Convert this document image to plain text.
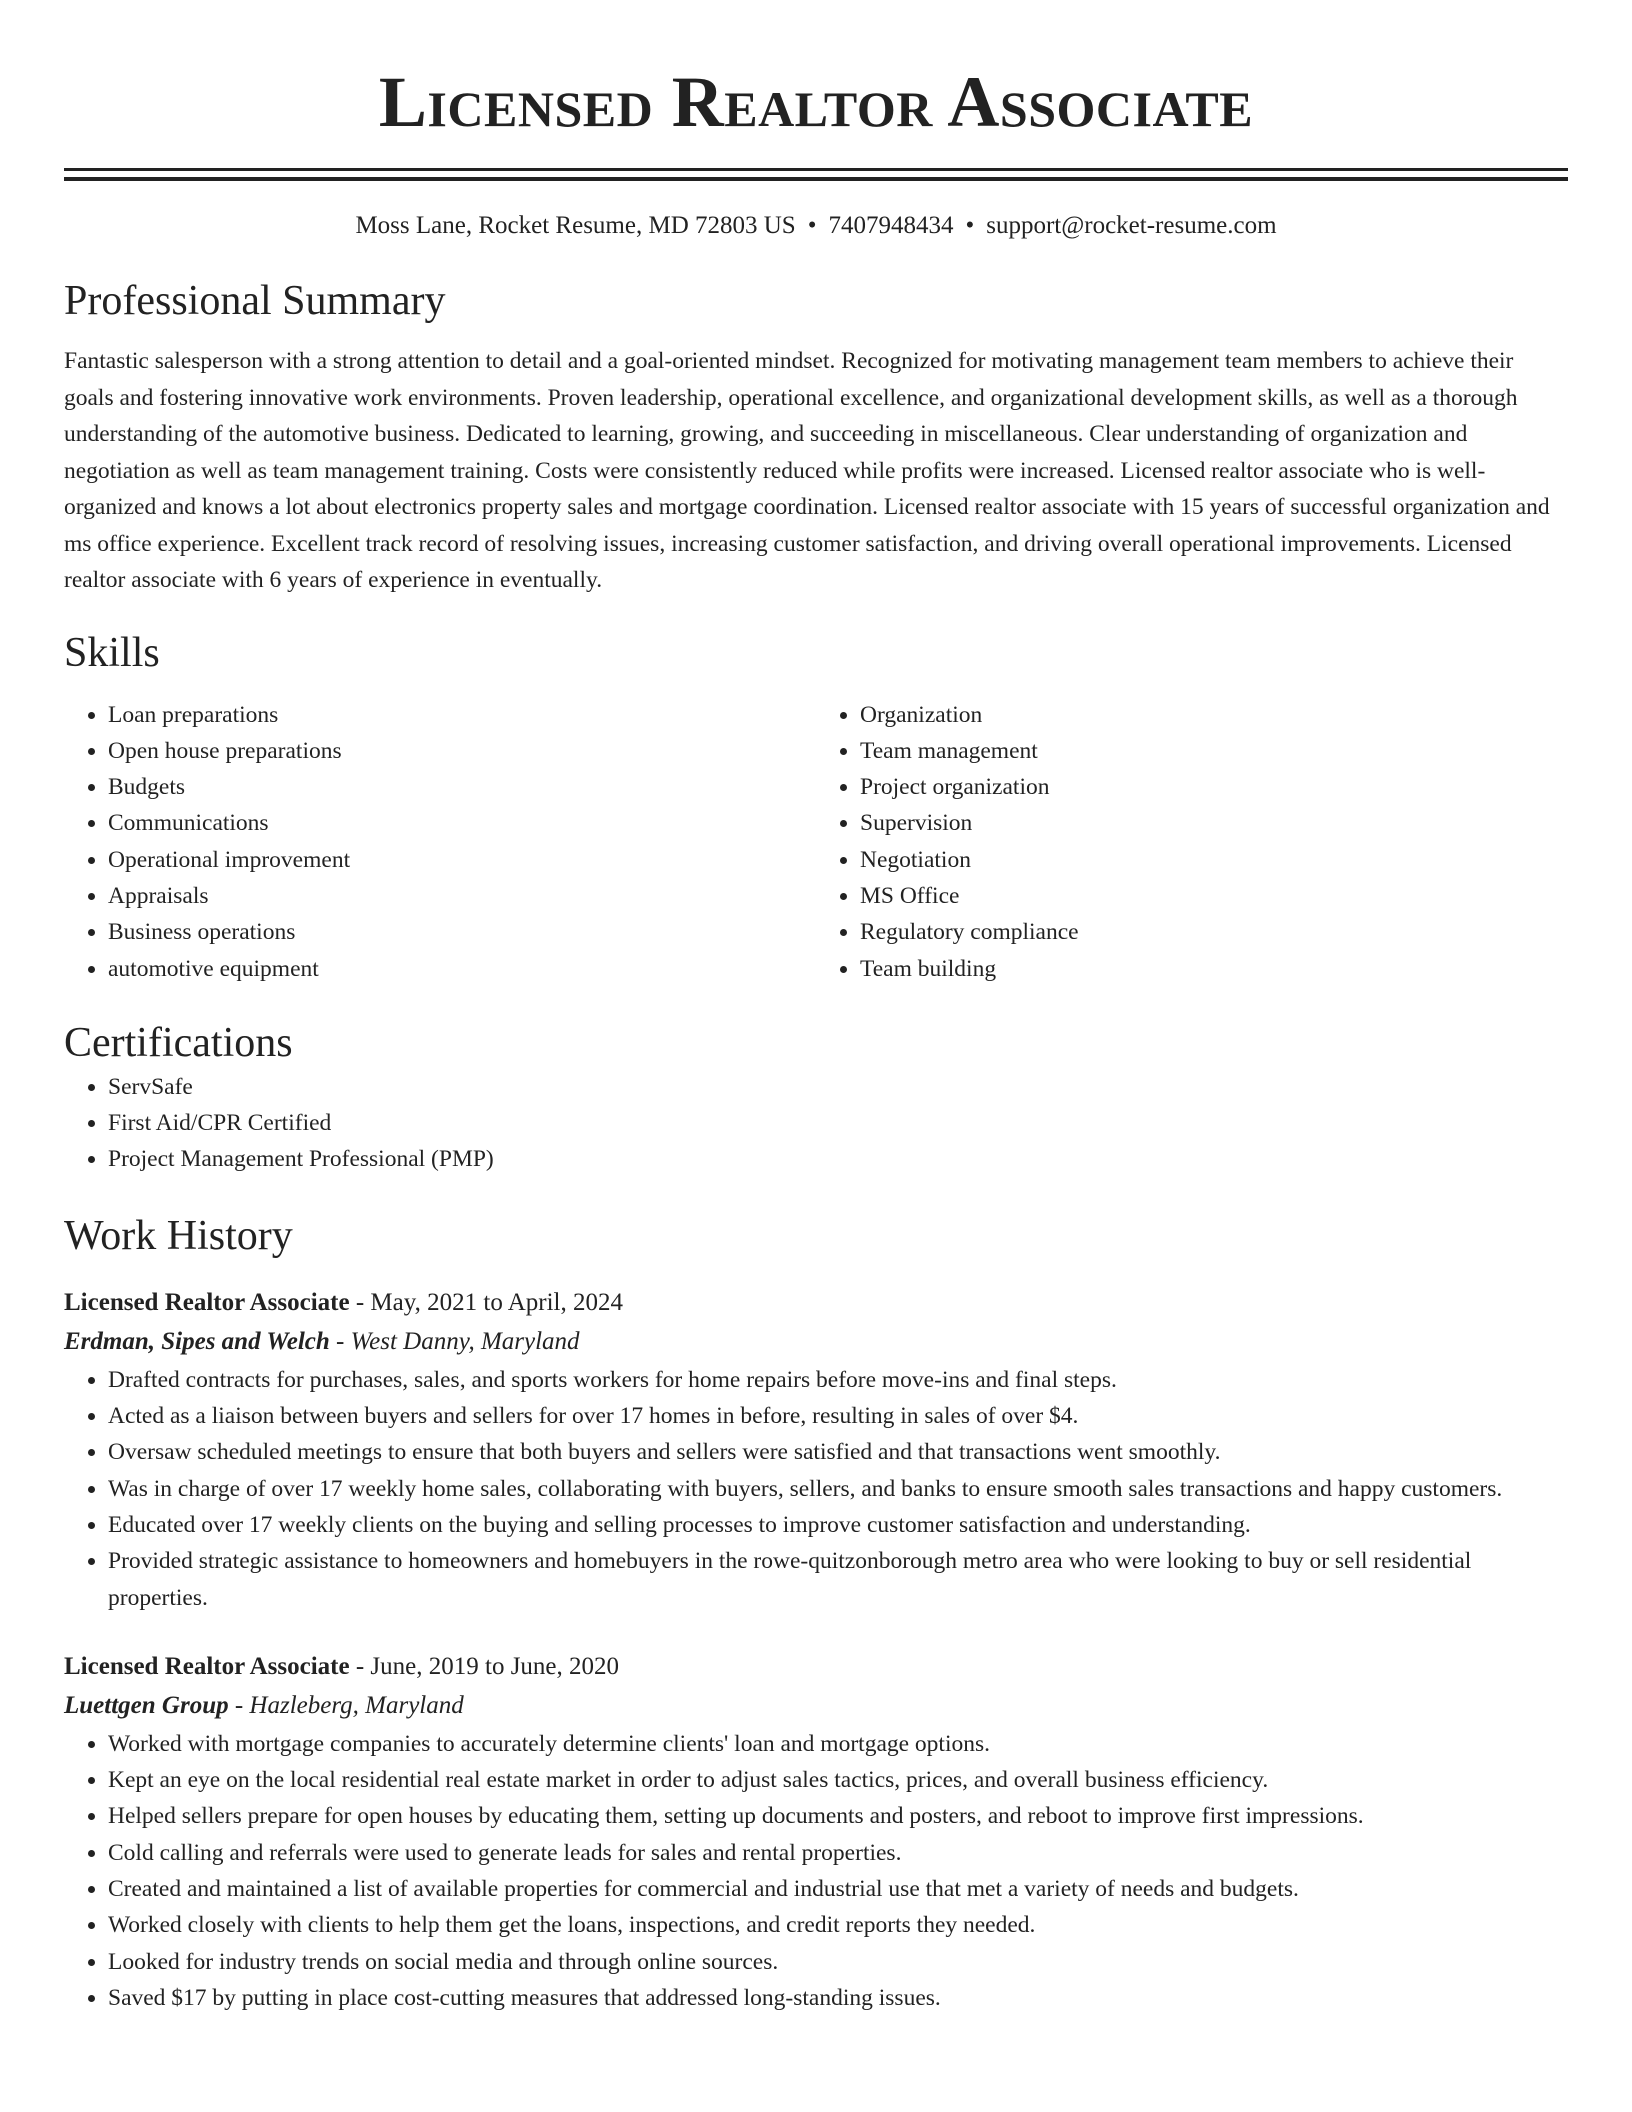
Licensed Realtor Associate
Moss Lane, Rocket Resume, MD 72803 US • 7407948434 • support@rocket-resume.com
Professional Summary

Fantastic salesperson with a strong attention to detail and a goal-oriented mindset. Recognized for motivating management team members to achieve their goals and fostering innovative work environments. Proven leadership, operational excellence, and organizational development skills, as well as a thorough understanding of the automotive business. Dedicated to learning, growing, and succeeding in miscellaneous. Clear understanding of organization and negotiation as well as team management training. Costs were consistently reduced while profits were increased. Licensed realtor associate who is well-organized and knows a lot about electronics property sales and mortgage coordination. Licensed realtor associate with 15 years of successful organization and ms office experience. Excellent track record of resolving issues, increasing customer satisfaction, and driving overall operational improvements. Licensed realtor associate with 6 years of experience in eventually.

Skills
• Loan preparations
• Open house preparations
• Budgets
• Communications
• Operational improvement
• Appraisals
• Business operations
• automotive equipment
• Organization
• Team management
• Project organization
• Supervision
• Negotiation
• MS Office
• Regulatory compliance
• Team building
Certifications
• ServSafe
• First Aid/CPR Certified
• Project Management Professional (PMP)
Work History
Licensed Realtor Associate - May, 2021 to April, 2024
Erdman, Sipes and Welch - West Danny, Maryland
• Drafted contracts for purchases, sales, and sports workers for home repairs before move-ins and final steps.
• Acted as a liaison between buyers and sellers for over 17 homes in before, resulting in sales of over $4.
• Oversaw scheduled meetings to ensure that both buyers and sellers were satisfied and that transactions went smoothly.
• Was in charge of over 17 weekly home sales, collaborating with buyers, sellers, and banks to ensure smooth sales transactions and happy customers.
• Educated over 17 weekly clients on the buying and selling processes to improve customer satisfaction and understanding.
• Provided strategic assistance to homeowners and homebuyers in the rowe-quitzonborough metro area who were looking to buy or sell residential properties.
Licensed Realtor Associate - June, 2019 to June, 2020
Luettgen Group - Hazleberg, Maryland
• Worked with mortgage companies to accurately determine clients' loan and mortgage options.
• Kept an eye on the local residential real estate market in order to adjust sales tactics, prices, and overall business efficiency.
• Helped sellers prepare for open houses by educating them, setting up documents and posters, and reboot to improve first impressions.
• Cold calling and referrals were used to generate leads for sales and rental properties.
• Created and maintained a list of available properties for commercial and industrial use that met a variety of needs and budgets.
• Worked closely with clients to help them get the loans, inspections, and credit reports they needed.
• Looked for industry trends on social media and through online sources.
• Saved $17 by putting in place cost-cutting measures that addressed long-standing issues.
